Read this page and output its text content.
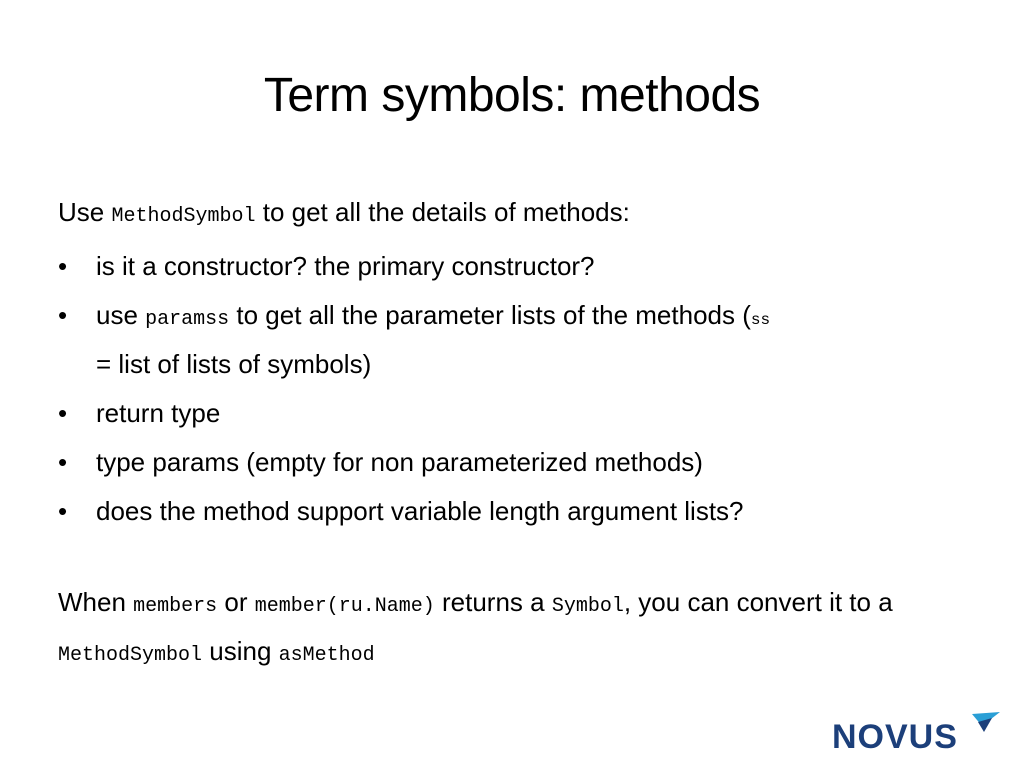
Term symbols: methods
Use MethodSymbol to get all the details of methods:
•	is it a constructor? the primary constructor?
•	use paramss to get all the parameter lists of the methods (ss
= list of lists of symbols)
•	return type
•	type params (empty for non parameterized methods)
•	does the method support variable length argument lists?
When members or member(ru.Name) returns a Symbol, you can convert it to a MethodSymbol using asMethod
NOVUS
